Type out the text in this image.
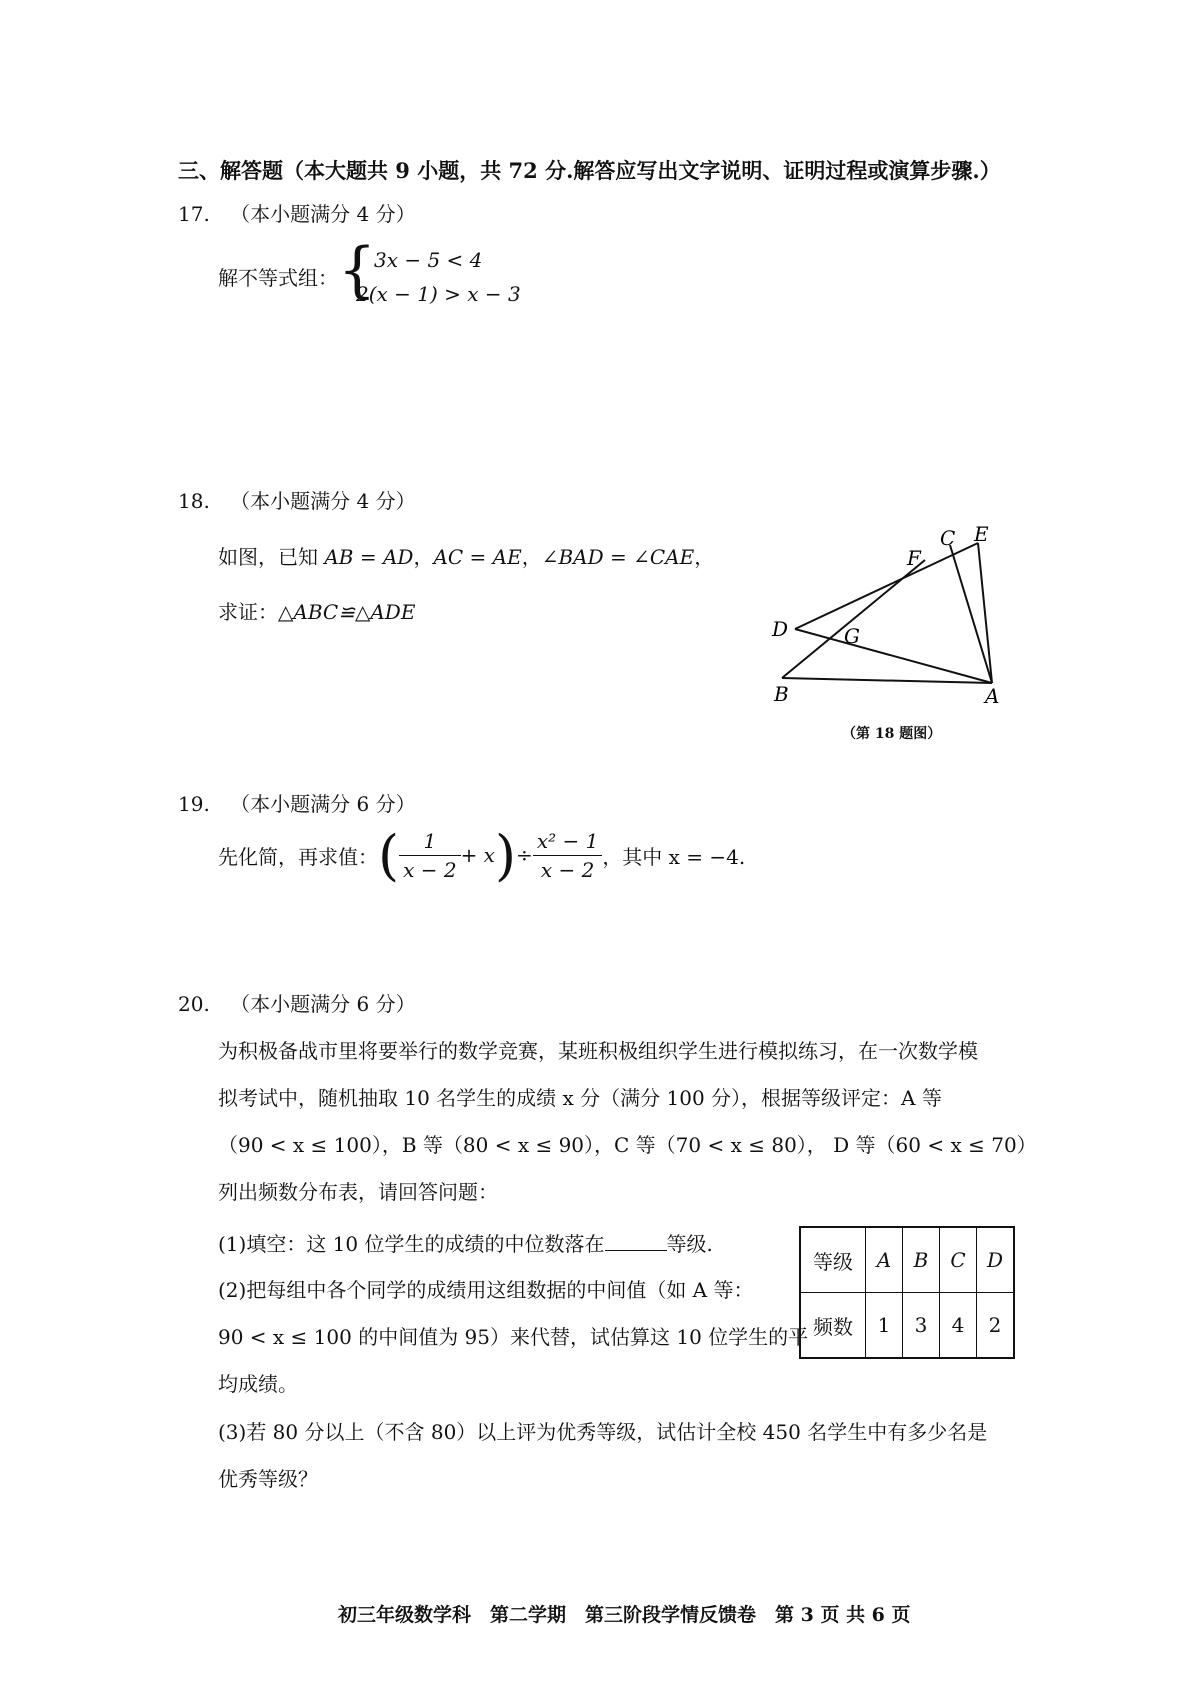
三、解答题（本大题共 9 小题，共 72 分.解答应写出文字说明、证明过程或演算步骤.）
17. （本小题满分 4 分）
解不等式组： {
3x − 5 < 4
2(x − 1) > x − 3
18. （本小题满分 4 分）
如图，已知 AB = AD，AC = AE，∠BAD = ∠CAE，
求证：△ABC≌△ADE
C E
F
D	G
B	A
（第 18 题图）
19. （本小题满分 6 分）
先化简，再求值： ( $\frac{1}{x - 2} + x$ ) ÷ $\frac{\text{x² − 1}}{x - 2}$ ，其中 x = −4.
20. （本小题满分 6 分）
为积极备战市里将要举行的数学竞赛，某班积极组织学生进行模拟练习，在一次数学模
拟考试中，随机抽取 10 名学生的成绩 x 分（满分 100 分），根据等级评定：A 等
（90 < x ≤ 100），B 等（80 < x ≤ 90），C 等（70 < x ≤ 80）， D 等（60 < x ≤ 70）
列出频数分布表，请回答问题：
(1)填空：这 10 位学生的成绩的中位数落在	等级.
(2)把每组中各个同学的成绩用这组数据的中间值（如 A 等：
90 < x ≤ 100 的中间值为 95）来代替，试估算这 10 位学生的平
均成绩。
(3)若 80 分以上（不含 80）以上评为优秀等级，试估计全校 450 名学生中有多少名是
优秀等级？
等级	A	B	C	D
频数	1	3	4	2
初三年级数学科　第二学期　第三阶段学情反馈卷　第 3 页 共 6 页
